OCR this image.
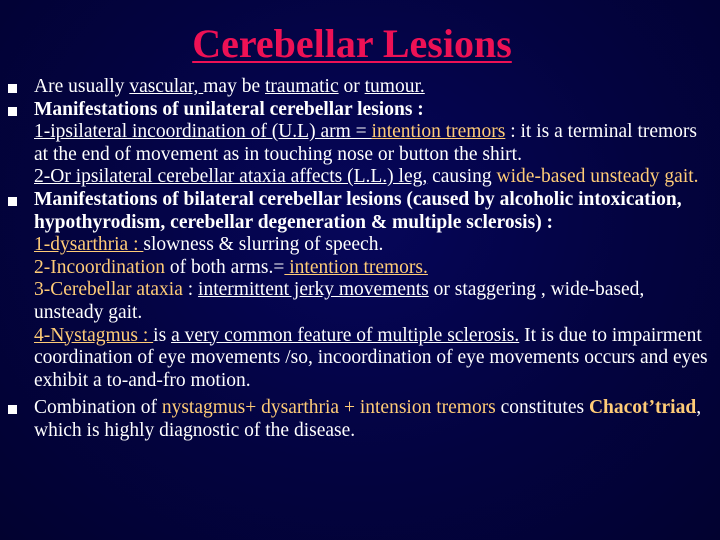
Cerebellar Lesions
Are usually vascular, may be traumatic or tumour.
Manifestations of unilateral cerebellar lesions :
1-ipsilateral incoordination of (U.L) arm = intention tremors : it is a terminal tremors at the end of movement as in touching nose or button the shirt.
2-Or ipsilateral cerebellar ataxia affects (L.L.) leg, causing wide-based unsteady gait.
Manifestations of bilateral cerebellar lesions (caused by alcoholic intoxication, hypothyrodism, cerebellar degeneration & multiple sclerosis) :
1-dysarthria : slowness & slurring of speech.
2-Incoordination of both arms.= intention tremors.
3-Cerebellar ataxia : intermittent jerky movements or staggering , wide-based, unsteady gait.
4-Nystagmus : is a very common feature of multiple sclerosis. It is due to impairment coordination of eye movements /so, incoordination of eye movements occurs and eyes exhibit a to-and-fro motion.
Combination of nystagmus+ dysarthria + intension tremors constitutes Chacot’triad, which is highly diagnostic of the disease.
